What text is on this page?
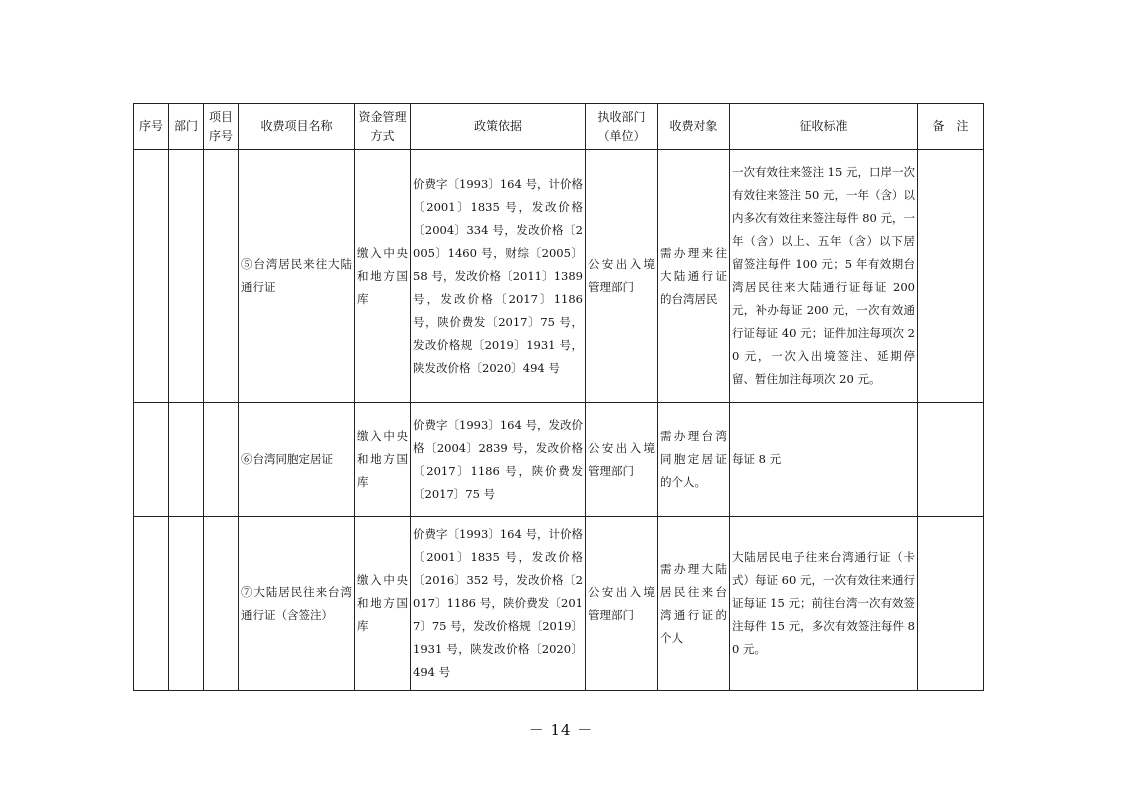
序号	部门	项目序号	收费项目名称	资金管理方式	政策依据	执收部门（单位）	收费对象	征收标准	备　注
			⑤台湾居民来往大陆通行证	缴入中央和地方国库	价费字〔1993〕164 号，计价格〔2001〕1835 号，发改价格〔2004〕334 号，发改价格〔2005〕1460 号，财综〔2005〕58 号，发改价格〔2011〕1389 号，发改价格〔2017〕1186 号，陕价费发〔2017〕75 号，发改价格规〔2019〕1931 号，陕发改价格〔2020〕494 号	公安出入境管理部门	需办理来往大陆通行证的台湾居民	一次有效往来签注 15 元，口岸一次有效往来签注 50 元，一年（含）以内多次有效往来签注每件 80 元，一年（含）以上、五年（含）以下居留签注每件 100 元；5 年有效期台湾居民往来大陆通行证每证 200 元，补办每证 200 元，一次有效通行证每证 40 元；证件加注每项次 20 元，一次入出境签注、延期停留、暂住加注每项次 20 元。	
			⑥台湾同胞定居证	缴入中央和地方国库	价费字〔1993〕164 号，发改价格〔2004〕2839 号，发改价格〔2017〕1186 号，陕价费发〔2017〕75 号	公安出入境管理部门	需办理台湾同胞定居证的个人。	每证 8 元	
			⑦大陆居民往来台湾通行证（含签注）	缴入中央和地方国库	价费字〔1993〕164 号，计价格〔2001〕1835 号，发改价格〔2016〕352 号，发改价格〔2017〕1186 号，陕价费发〔2017〕75 号，发改价格规〔2019〕1931 号，陕发改价格〔2020〕494 号	公安出入境管理部门	需办理大陆居民往来台湾通行证的个人	大陆居民电子往来台湾通行证（卡式）每证 60 元，一次有效往来通行证每证 15 元；前往台湾一次有效签注每件 15 元，多次有效签注每件 80 元。	
－ 14 －
